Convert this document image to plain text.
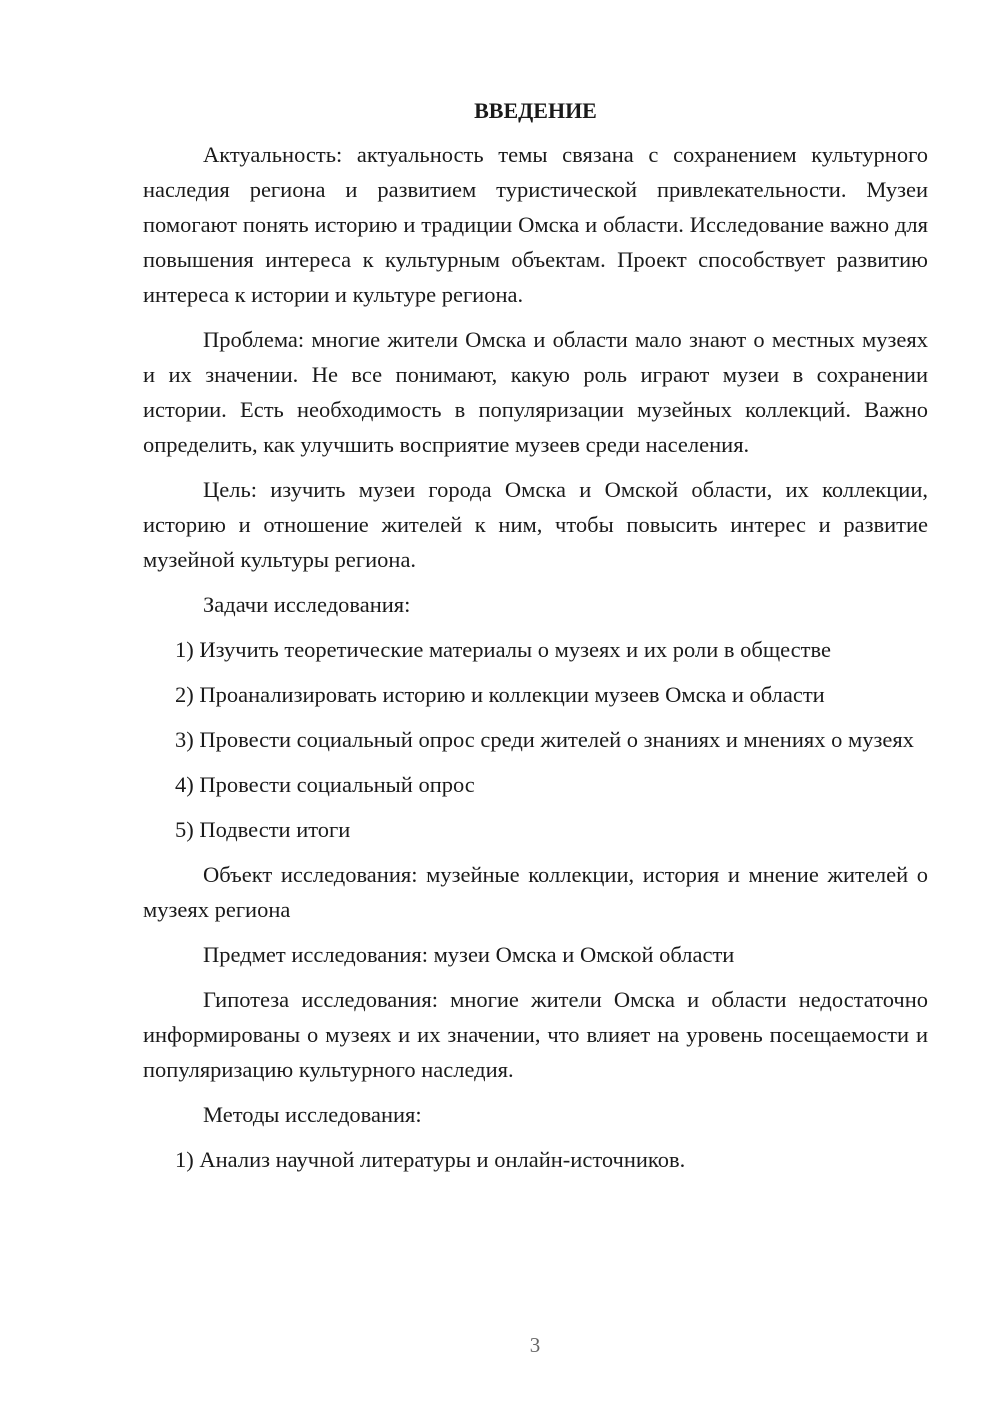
ВВЕДЕНИЕ

Актуальность: актуальность темы связана с сохранением культурного наследия региона и развитием туристической привлекательности. Музеи помогают понять историю и традиции Омска и области. Исследование важно для повышения интереса к культурным объектам. Проект способствует развитию интереса к истории и культуре региона.

Проблема: многие жители Омска и области мало знают о местных музеях и их значении. Не все понимают, какую роль играют музеи в сохранении истории. Есть необходимость в популяризации музейных коллекций. Важно определить, как улучшить восприятие музеев среди населения.

Цель: изучить музеи города Омска и Омской области, их коллекции, историю и отношение жителей к ним, чтобы повысить интерес и развитие музейной культуры региона.

Задачи исследования:

1) Изучить теоретические материалы о музеях и их роли в обществе

2) Проанализировать историю и коллекции музеев Омска и области

3) Провести социальный опрос среди жителей о знаниях и мнениях о музеях

4) Провести социальный опрос

5) Подвести итоги

Объект исследования: музейные коллекции, история и мнение жителей о музеях региона

Предмет исследования: музеи Омска и Омской области

Гипотеза исследования: многие жители Омска и области недостаточно информированы о музеях и их значении, что влияет на уровень посещаемости и популяризацию культурного наследия.

Методы исследования:

1) Анализ научной литературы и онлайн-источников.

3
